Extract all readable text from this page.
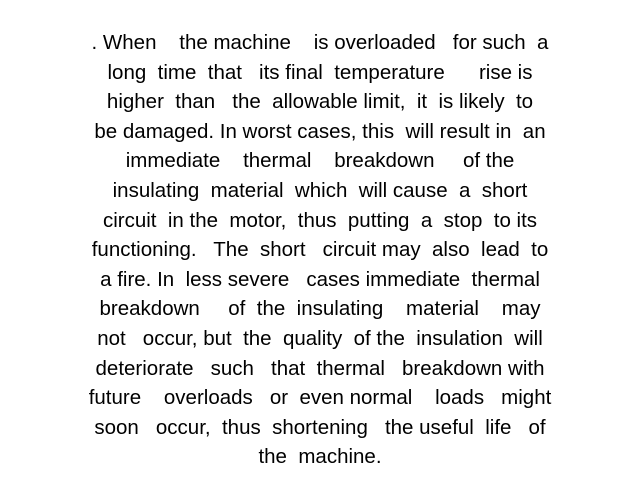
. When    the machine    is overloaded   for such  a
long  time  that   its final  temperature      rise is
higher  than   the  allowable limit,  it  is likely  to
be damaged. In worst cases, this  will result in  an
immediate    thermal    breakdown     of the
insulating  material  which  will cause  a  short
circuit  in the  motor,  thus  putting  a  stop  to its
functioning.   The  short   circuit may  also  lead  to
a fire. In  less severe   cases immediate  thermal
breakdown     of  the  insulating    material    may
not   occur, but  the  quality  of the  insulation  will
deteriorate   such   that  thermal   breakdown with
future    overloads   or  even normal    loads   might
soon   occur,  thus  shortening   the useful  life   of
the  machine.
